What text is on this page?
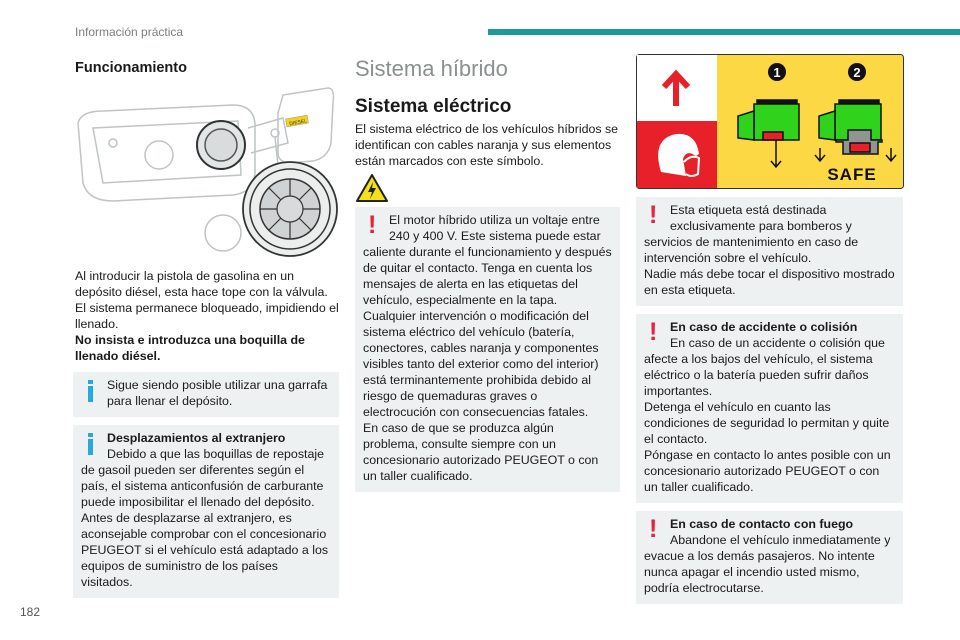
Información práctica
182
Funcionamiento
DIESEL

Al introducir la pistola de gasolina en un depósito diésel, esta hace tope con la válvula. El sistema permanece bloqueado, impidiendo el llenado.

No insista e introduzca una boquilla de llenado diésel.

Sigue siendo posible utilizar una garrafa para llenar el depósito.

Desplazamientos al extranjero

Debido a que las boquillas de repostaje de gasoil pueden ser diferentes según el país, el sistema anticonfusión de carburante puede imposibilitar el llenado del depósito. Antes de desplazarse al extranjero, es aconsejable comprobar con el concesionario PEUGEOT si el vehículo está adaptado a los equipos de suministro de los países visitados.

Sistema híbrido
Sistema eléctrico

El sistema eléctrico de los vehículos híbridos se identifican con cables naranja y sus elementos están marcados con este símbolo.

!	El motor híbrido utiliza un voltaje entre 240 y 400 V. Este sistema puede estar caliente durante el funcionamiento y después de quitar el contacto. Tenga en cuenta los mensajes de alerta en las etiquetas del vehículo, especialmente en la tapa.

Cualquier intervención o modificación del sistema eléctrico del vehículo (batería, conectores, cables naranja y componentes visibles tanto del exterior como del interior) está terminantemente prohibida debido al riesgo de quemaduras graves o electrocución con consecuencias fatales.

En caso de que se produzca algún problema, consulte siempre con un concesionario autorizado PEUGEOT o con un taller cualificado.

1	2
SAFE
!	Esta etiqueta está destinada exclusivamente para bomberos y servicios de mantenimiento en caso de intervención sobre el vehículo.

Nadie más debe tocar el dispositivo mostrado en esta etiqueta.

!	En caso de accidente o colisión

En caso de un accidente o colisión que afecte a los bajos del vehículo, el sistema eléctrico o la batería pueden sufrir daños importantes.

Detenga el vehículo en cuanto las condiciones de seguridad lo permitan y quite el contacto.

Póngase en contacto lo antes posible con un concesionario autorizado PEUGEOT o con un taller cualificado.

!	En caso de contacto con fuego

Abandone el vehículo inmediatamente y evacue a los demás pasajeros. No intente nunca apagar el incendio usted mismo, podría electrocutarse.
